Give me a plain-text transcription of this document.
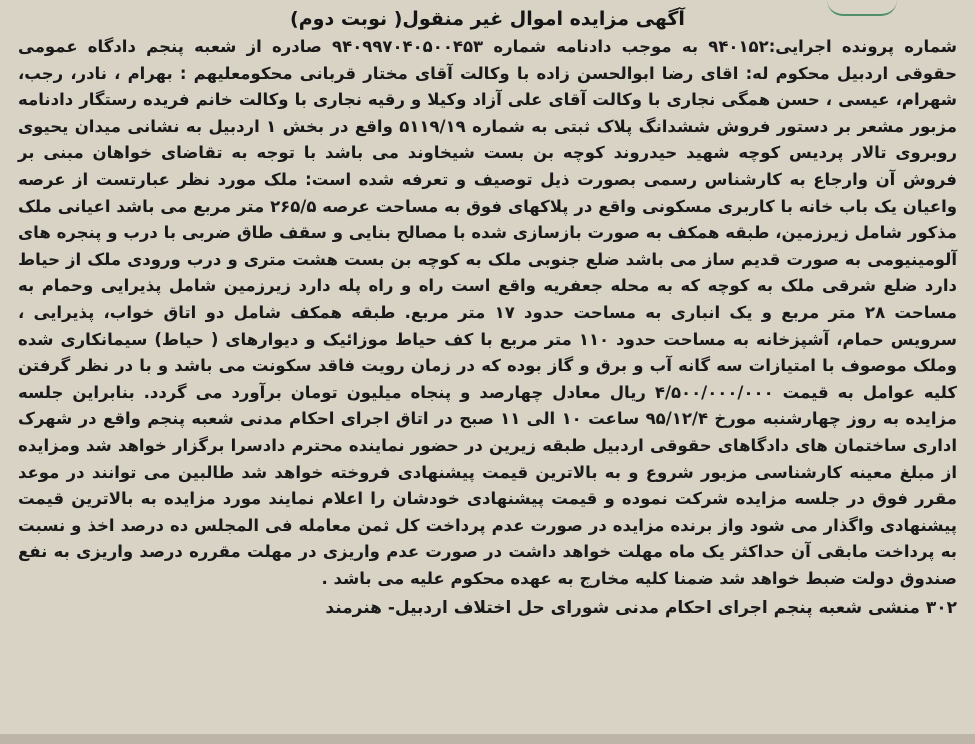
آگهی مزایده اموال غیر منقول( نوبت دوم)

شماره پرونده اجرایی:۹۴۰۱۵۲ به موجب دادنامه شماره ۹۴۰۹۹۷۰۴۰۵۰۰۴۵۳ صادره از شعبه پنجم دادگاه عمومی حقوقی اردبیل محکوم له: اقای رضا ابوالحسن زاده با وکالت آقای مختار قربانی محکومعلیهم : بهرام ، نادر، رجب، شهرام، عیسی ، حسن همگی نجاری با وکالت آقای علی آزاد وکیلا و رقیه نجاری با وکالت خانم فریده رستگار دادنامه مزبور مشعر بر دستور فروش ششدانگ پلاک ثبتی به شماره ۵۱۱۹/۱۹ واقع در بخش ۱ اردبیل به نشانی میدان یحیوی روبروی تالار پردیس کوچه شهید حیدروند کوچه بن بست شیخاوند می باشد با توجه به تقاضای خواهان مبنی بر فروش آن وارجاع به کارشناس رسمی بصورت ذیل توصیف و تعرفه شده است: ملک مورد نظر عبارتست از عرصه واعیان یک باب خانه با کاربری مسکونی واقع در پلاکهای فوق به مساحت عرصه ۲۶۵/۵ متر مربع می باشد اعیانی ملک مذکور شامل زیرزمین، طبقه همکف به صورت بازسازی شده با مصالح بنایی و سقف طاق ضربی با درب و پنجره های آلومینیومی به صورت قدیم ساز می باشد ضلع جنوبی ملک به کوچه بن بست هشت متری و درب ورودی ملک از حیاط دارد ضلع شرقی ملک به کوچه که به محله جعفریه واقع است راه و راه پله دارد زیرزمین شامل پذیرایی وحمام به مساحت ۲۸ متر مربع و یک انباری به مساحت حدود ۱۷ متر مربع. طبقه همکف شامل دو اتاق خواب، پذیرایی ، سرویس حمام، آشپزخانه به مساحت حدود ۱۱۰ متر مربع با کف حیاط موزائیک و دیوارهای ( حیاط) سیمانکاری شده وملک موصوف با امتیازات سه گانه آب و برق و گاز بوده که در زمان رویت فاقد سکونت می باشد و با در نظر گرفتن کلیه عوامل به قیمت ۴/۵۰۰/۰۰۰/۰۰۰ ریال معادل چهارصد و پنجاه میلیون تومان برآورد می گردد. بنابراین جلسه مزایده به روز چهارشنبه مورخ ۹۵/۱۲/۴ ساعت ۱۰ الی ۱۱ صبح در اتاق اجرای احکام مدنی شعبه پنجم واقع در شهرک اداری ساختمان های دادگاهای حقوقی اردبیل طبقه زیرین در حضور نماینده محترم دادسرا برگزار خواهد شد ومزایده از مبلغ معینه کارشناسی مزبور شروع و به بالاترین قیمت پیشنهادی فروخته خواهد شد طالبین می توانند در موعد مقرر فوق در جلسه مزایده شرکت نموده و قیمت پیشنهادی خودشان را اعلام نمایند مورد مزایده به بالاترین قیمت پیشنهادی واگذار می شود واز برنده مزایده در صورت عدم پرداخت کل ثمن معامله فی المجلس ده درصد اخذ و نسبت به پرداخت مابقی آن حداکثر یک ماه مهلت خواهد داشت در صورت عدم واریزی در مهلت مقرره درصد واریزی به نفع صندوق دولت ضبط خواهد شد ضمنا کلیه مخارج به عهده محکوم علیه می باشد .

۳۰۲ منشی شعبه پنجم اجرای احکام مدنی شورای حل اختلاف اردبیل- هنرمند
